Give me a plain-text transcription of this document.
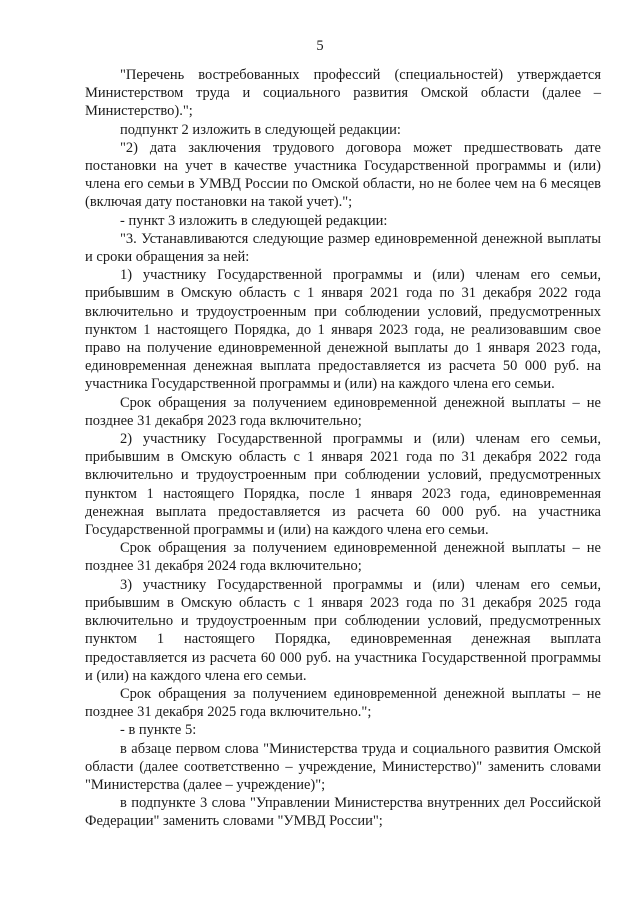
5

"Перечень востребованных профессий (специальностей) утверждается Министерством труда и социального развития Омской области (далее – Министерство).";

подпункт 2 изложить в следующей редакции:

"2) дата заключения трудового договора может предшествовать дате постановки на учет в качестве участника Государственной программы и (или) члена его семьи в УМВД России по Омской области, но не более чем на 6 месяцев (включая дату постановки на такой учет).";

- пункт 3 изложить в следующей редакции:

"3. Устанавливаются следующие размер единовременной денежной выплаты и сроки обращения за ней:

1) участнику Государственной программы и (или) членам его семьи, прибывшим в Омскую область с 1 января 2021 года по 31 декабря 2022 года включительно и трудоустроенным при соблюдении условий, предусмотренных пунктом 1 настоящего Порядка, до 1 января 2023 года, не реализовавшим свое право на получение единовременной денежной выплаты до 1 января 2023 года, единовременная денежная выплата предоставляется из расчета 50 000 руб. на участника Государственной программы и (или) на каждого члена его семьи.

Срок обращения за получением единовременной денежной выплаты – не позднее 31 декабря 2023 года включительно;

2) участнику Государственной программы и (или) членам его семьи, прибывшим в Омскую область с 1 января 2021 года по 31 декабря 2022 года включительно и трудоустроенным при соблюдении условий, предусмотренных пунктом 1 настоящего Порядка, после 1 января 2023 года, единовременная денежная выплата предоставляется из расчета 60 000 руб. на участника Государственной программы и (или) на каждого члена его семьи.

Срок обращения за получением единовременной денежной выплаты – не позднее 31 декабря 2024 года включительно;

3) участнику Государственной программы и (или) членам его семьи, прибывшим в Омскую область с 1 января 2023 года по 31 декабря 2025 года включительно и трудоустроенным при соблюдении условий, предусмотренных пунктом 1 настоящего Порядка, единовременная денежная выплата предоставляется из расчета 60 000 руб. на участника Государственной программы и (или) на каждого члена его семьи.

Срок обращения за получением единовременной денежной выплаты – не позднее 31 декабря 2025 года включительно.";

- в пункте 5:

в абзаце первом слова "Министерства труда и социального развития Омской области (далее соответственно – учреждение, Министерство)" заменить словами "Министерства (далее – учреждение)";

в подпункте 3 слова "Управлении Министерства внутренних дел Российской Федерации" заменить словами "УМВД России";
